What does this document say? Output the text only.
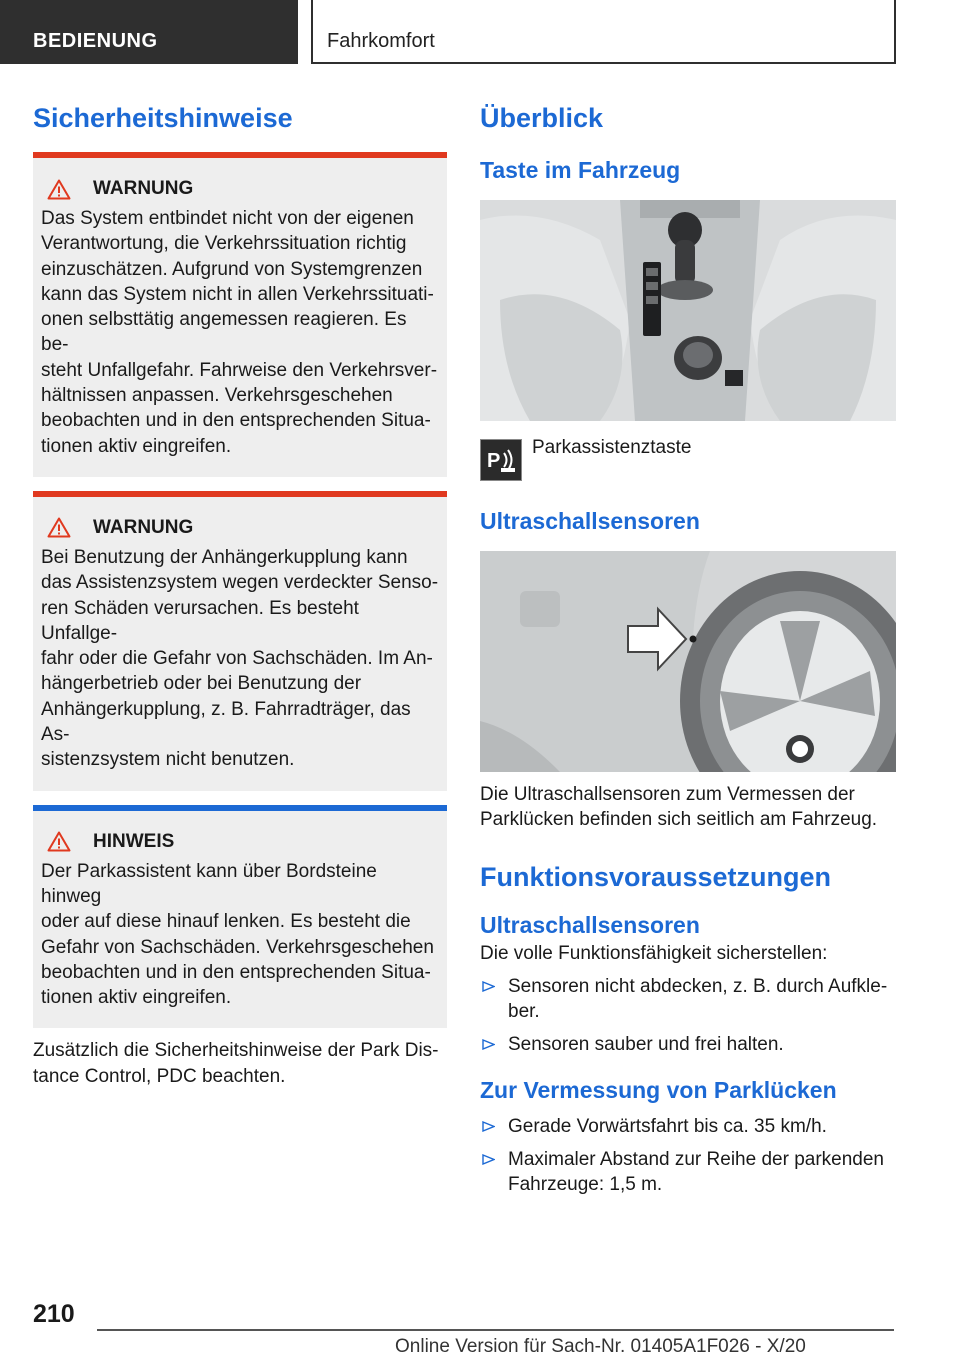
BEDIENUNG	Fahrkomfort
Sicherheitshinweise
WARNUNG

Das System entbindet nicht von der eigenen
Verantwortung, die Verkehrssituation richtig
einzuschätzen. Aufgrund von Systemgrenzen
kann das System nicht in allen Verkehrssituati-
onen selbsttätig angemessen reagieren. Es be-
steht Unfallgefahr. Fahrweise den Verkehrsver-
hältnissen anpassen. Verkehrsgeschehen
beobachten und in den entsprechenden Situa-
tionen aktiv eingreifen.

WARNUNG

Bei Benutzung der Anhängerkupplung kann
das Assistenzsystem wegen verdeckter Senso-
ren Schäden verursachen. Es besteht Unfallge-
fahr oder die Gefahr von Sachschäden. Im An-
hängerbetrieb oder bei Benutzung der
Anhängerkupplung, z. B. Fahrradträger, das As-
sistenzsystem nicht benutzen.

HINWEIS

Der Parkassistent kann über Bordsteine hinweg
oder auf diese hinauf lenken. Es besteht die
Gefahr von Sachschäden. Verkehrsgeschehen
beobachten und in den entsprechenden Situa-
tionen aktiv eingreifen.

Zusätzlich die Sicherheitshinweise der Park Dis-
tance Control, PDC beachten.

Überblick
Taste im Fahrzeug
P
Parkassistenztaste
Ultraschallsensoren

Die Ultraschallsensoren zum Vermessen der
Parklücken befinden sich seitlich am Fahrzeug.

Funktionsvoraussetzungen
Ultraschallsensoren

Die volle Funktionsfähigkeit sicherstellen:

Sensoren nicht abdecken, z. B. durch Aufkle-
ber.
Sensoren sauber und frei halten.
Zur Vermessung von Parklücken
Gerade Vorwärtsfahrt bis ca. 35 km/h.
Maximaler Abstand zur Reihe der parkenden
Fahrzeuge: 1,5 m.
210
Online Version für Sach-Nr. 01405A1F026 - X/20
